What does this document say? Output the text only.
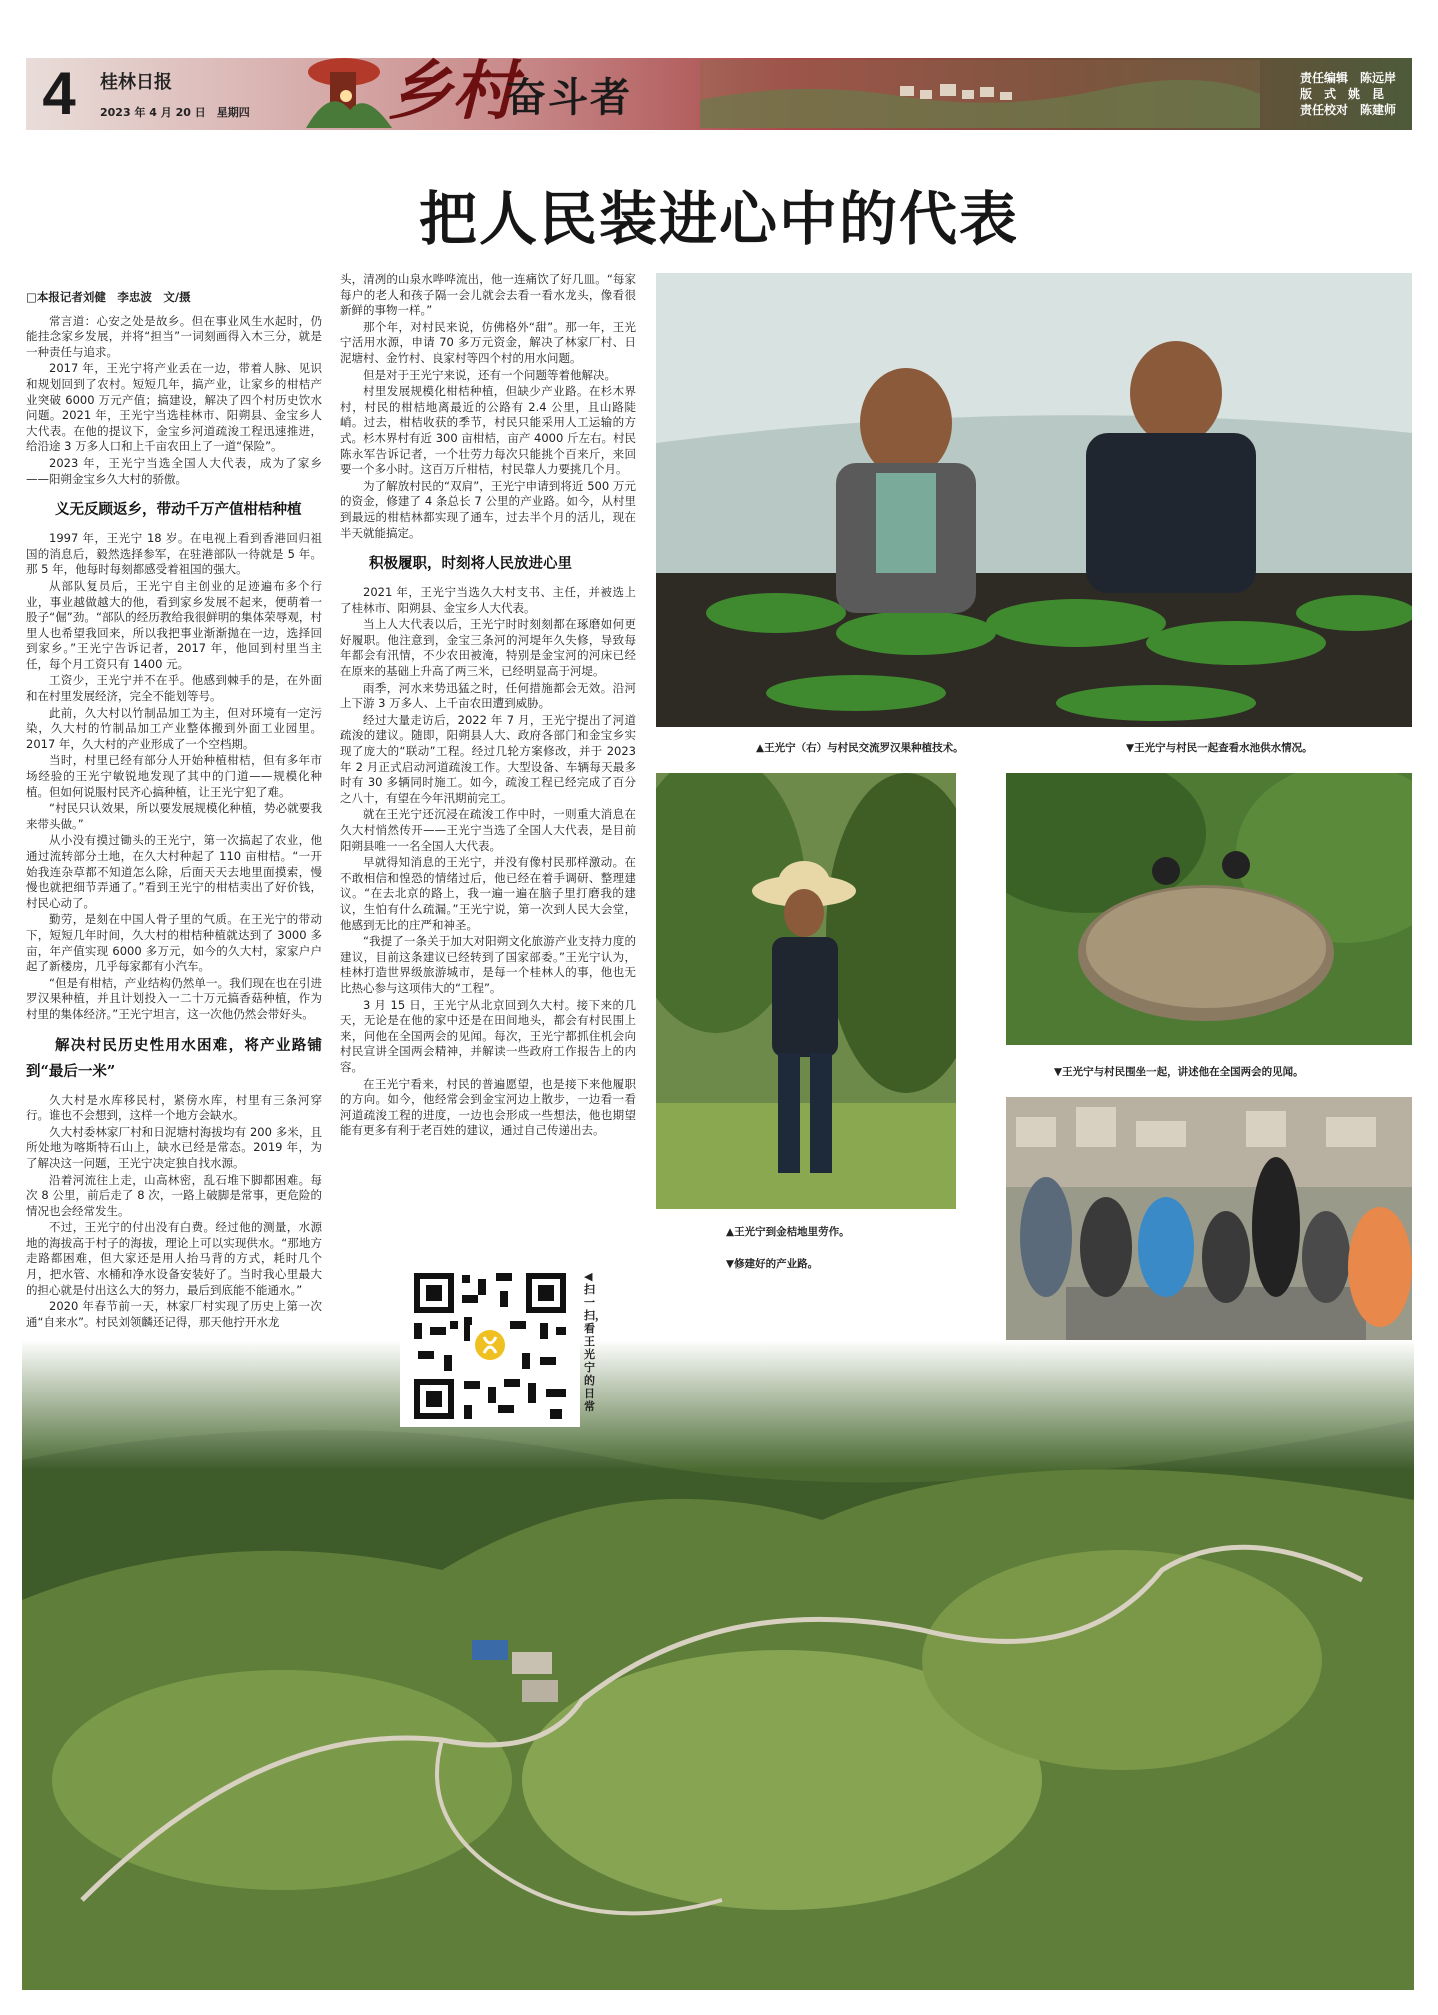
4	桂林日报
2023 年 4 月 20 日　星期四 乡村
奋斗者	责任编辑　陈远岸
版　式　姚　昆
责任校对　陈建师
把人民装进心中的代表
□本报记者刘健　李忠波　文/摄

常言道：心安之处是故乡。但在事业风生水起时，仍能挂念家乡发展，并将“担当”一词刻画得入木三分，就是一种责任与追求。

2017 年，王光宁将产业丢在一边，带着人脉、见识和规划回到了农村。短短几年，搞产业，让家乡的柑桔产业突破 6000 万元产值；搞建设，解决了四个村历史饮水问题。2021 年，王光宁当选桂林市、阳朔县、金宝乡人大代表。在他的提议下，金宝乡河道疏浚工程迅速推进，给沿途 3 万多人口和上千亩农田上了一道“保险”。

2023 年，王光宁当选全国人大代表，成为了家乡——阳朔金宝乡久大村的骄傲。

义无反顾返乡，带动千万产值柑桔种植

1997 年，王光宁 18 岁。在电视上看到香港回归祖国的消息后，毅然选择参军，在驻港部队一待就是 5 年。那 5 年，他每时每刻都感受着祖国的强大。

从部队复员后，王光宁自主创业的足迹遍布多个行业，事业越做越大的他，看到家乡发展不起来，便萌着一股子“倔”劲。“部队的经历教给我很鲜明的集体荣辱观，村里人也希望我回来，所以我把事业渐渐抛在一边，选择回到家乡。”王光宁告诉记者，2017 年，他回到村里当主任，每个月工资只有 1400 元。

工资少，王光宁并不在乎。他感到棘手的是，在外面和在村里发展经济，完全不能划等号。

此前，久大村以竹制品加工为主，但对环境有一定污染，久大村的竹制品加工产业整体搬到外面工业园里。2017 年，久大村的产业形成了一个空档期。

当时，村里已经有部分人开始种植柑桔，但有多年市场经验的王光宁敏锐地发现了其中的门道——规模化种植。但如何说服村民齐心搞种植，让王光宁犯了难。

“村民只认效果，所以要发展规模化种植，势必就要我来带头做。”

从小没有摸过锄头的王光宁，第一次搞起了农业，他通过流转部分土地，在久大村种起了 110 亩柑桔。“一开始我连杂草都不知道怎么除，后面天天去地里面摸索，慢慢也就把细节弄通了。”看到王光宁的柑桔卖出了好价钱，村民心动了。

勤劳，是刻在中国人骨子里的气质。在王光宁的带动下，短短几年时间，久大村的柑桔种植就达到了 3000 多亩，年产值实现 6000 多万元，如今的久大村，家家户户起了新楼房，几乎每家都有小汽车。

“但是有柑桔，产业结构仍然单一。我们现在也在引进罗汉果种植，并且计划投入一二十万元搞香菇种植，作为村里的集体经济。”王光宁坦言，这一次他仍然会带好头。

解决村民历史性用水困难，将产业路铺到“最后一米”

久大村是水库移民村，紧傍水库，村里有三条河穿行。谁也不会想到，这样一个地方会缺水。

久大村委林家厂村和日泥塘村海拔均有 200 多米，且所处地为喀斯特石山上，缺水已经是常态。2019 年，为了解决这一问题，王光宁决定独自找水源。

沿着河流往上走，山高林密，乱石堆下脚都困难。每次 8 公里，前后走了 8 次，一路上破脚是常事，更危险的情况也会经常发生。

不过，王光宁的付出没有白费。经过他的测量，水源地的海拔高于村子的海拔，理论上可以实现供水。“那地方走路都困难，但大家还是用人抬马背的方式，耗时几个月，把水管、水桶和净水设备安装好了。当时我心里最大的担心就是付出这么大的努力，最后到底能不能通水。”

2020 年春节前一天，林家厂村实现了历史上第一次通“自来水”。村民刘领麟还记得，那天他拧开水龙

头，清冽的山泉水哗哗流出，他一连痛饮了好几皿。“每家每户的老人和孩子隔一会儿就会去看一看水龙头，像看很新鲜的事物一样。”

那个年，对村民来说，仿佛格外“甜”。那一年，王光宁活用水源，申请 70 多万元资金，解决了林家厂村、日泥塘村、金竹村、良家村等四个村的用水问题。

但是对于王光宁来说，还有一个问题等着他解决。

村里发展规模化柑桔种植，但缺少产业路。在杉木界村，村民的柑桔地离最近的公路有 2.4 公里，且山路陡峭。过去，柑桔收获的季节，村民只能采用人工运输的方式。杉木界村有近 300 亩柑桔，亩产 4000 斤左右。村民陈永军告诉记者，一个壮劳力每次只能挑个百来斤，来回要一个多小时。这百万斤柑桔，村民靠人力要挑几个月。

为了解放村民的“双肩”，王光宁申请到将近 500 万元的资金，修建了 4 条总长 7 公里的产业路。如今，从村里到最远的柑桔林都实现了通车，过去半个月的活儿，现在半天就能搞定。

积极履职，时刻将人民放进心里

2021 年，王光宁当选久大村支书、主任，并被选上了桂林市、阳朔县、金宝乡人大代表。

当上人大代表以后，王光宁时时刻刻都在琢磨如何更好履职。他注意到，金宝三条河的河堤年久失修，导致每年都会有汛情，不少农田被淹，特别是金宝河的河床已经在原来的基础上升高了两三米，已经明显高于河堤。

雨季，河水来势迅猛之时，任何措施都会无效。沿河上下游 3 万多人、上千亩农田遭到威胁。

经过大量走访后，2022 年 7 月，王光宁提出了河道疏浚的建议。随即，阳朔县人大、政府各部门和金宝乡实现了庞大的“联动”工程。经过几轮方案修改，并于 2023 年 2 月正式启动河道疏浚工作。大型设备、车辆每天最多时有 30 多辆同时施工。如今，疏浚工程已经完成了百分之八十，有望在今年汛期前完工。

就在王光宁还沉浸在疏浚工作中时，一则重大消息在久大村悄然传开——王光宁当选了全国人大代表，是目前阳朔县唯一一名全国人大代表。

早就得知消息的王光宁，并没有像村民那样激动。在不敢相信和惶恐的情绪过后，他已经在着手调研、整理建议。“在去北京的路上，我一遍一遍在脑子里打磨我的建议，生怕有什么疏漏。”王光宁说，第一次到人民大会堂，他感到无比的庄严和神圣。

“我提了一条关于加大对阳朔文化旅游产业支持力度的建议，目前这条建议已经转到了国家部委。”王光宁认为，桂林打造世界级旅游城市，是每一个桂林人的事，他也无比热心参与这项伟大的“工程”。

3 月 15 日，王光宁从北京回到久大村。接下来的几天，无论是在他的家中还是在田间地头，都会有村民围上来，问他在全国两会的见闻。每次，王光宁都抓住机会向村民宣讲全国两会精神，并解读一些政府工作报告上的内容。

在王光宁看来，村民的普遍愿望，也是接下来他履职的方向。如今，他经常会到金宝河边上散步，一边看一看河道疏浚工程的进度，一边也会形成一些想法，他也期望能有更多有利于老百姓的建议，通过自己传递出去。

▲王光宁（右）与村民交流罗汉果种植技术。	▼王光宁与村民一起查看水池供水情况。
▲王光宁到金桔地里劳作。
▼王光宁与村民围坐一起，讲述他在全国两会的见闻。
▼修建好的产业路。
◀扫一扫，看王光宁的日常
